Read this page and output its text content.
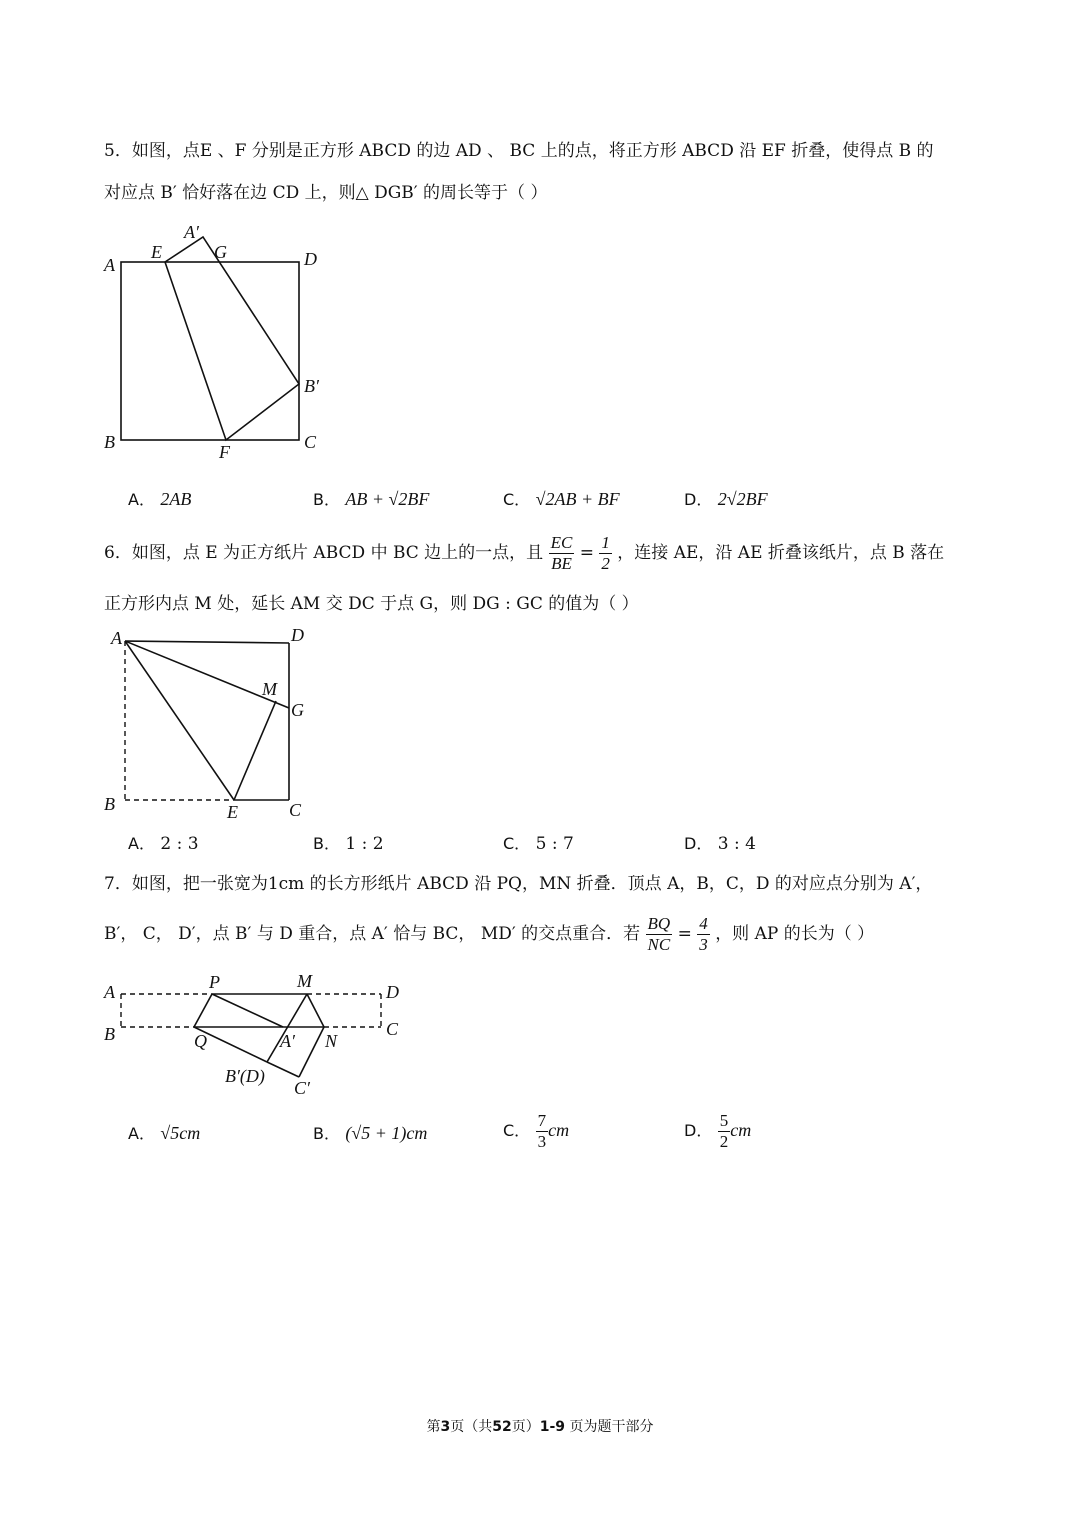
5．如图，点E 、F 分别是正方形 ABCD 的边 AD 、 BC 上的点，将正方形 ABCD 沿 EF 折叠，使得点 B 的
对应点 B′ 恰好落在边 CD 上，则△ DGB′ 的周长等于（ ）
A
E
A′
G	D
B′
B	C
F
A． 2AB	B． AB + √2BF	C． √2AB + BF	D． 2√2BF
6．如图，点 E 为正方纸片 ABCD 中 BC 边上的一点，且 $\frac{EC}{BE} = \frac{1}{2}$ ，连接 AE，沿 AE 折叠该纸片，点 B 落在
正方形内点 M 处，延长 AM 交 DC 于点 G，则 DG : GC 的值为（ ）
A	D
M
G
B	E	C
A． 2 : 3	B． 1 : 2	C． 5 : 7	D． 3 : 4
7．如图，把一张宽为1cm 的长方形纸片 ABCD 沿 PQ，MN 折叠．顶点 A，B，C，D 的对应点分别为 A′，
B′， C， D′，点 B′ 与 D 重合，点 A′ 恰与 BC， MD′ 的交点重合．若 $\frac{BQ}{NC} = \frac{4}{3}$ ，则 AP 的长为（ ）
A	P	M
D
B	Q	A′ N
C
B′(D)
C′
A． √5cm	B． (√5 + 1)cm	C． $\frac{7}{3}$ cm	D． $\frac{5}{2}$ cm
第3页（共52页）1-9 页为题干部分
